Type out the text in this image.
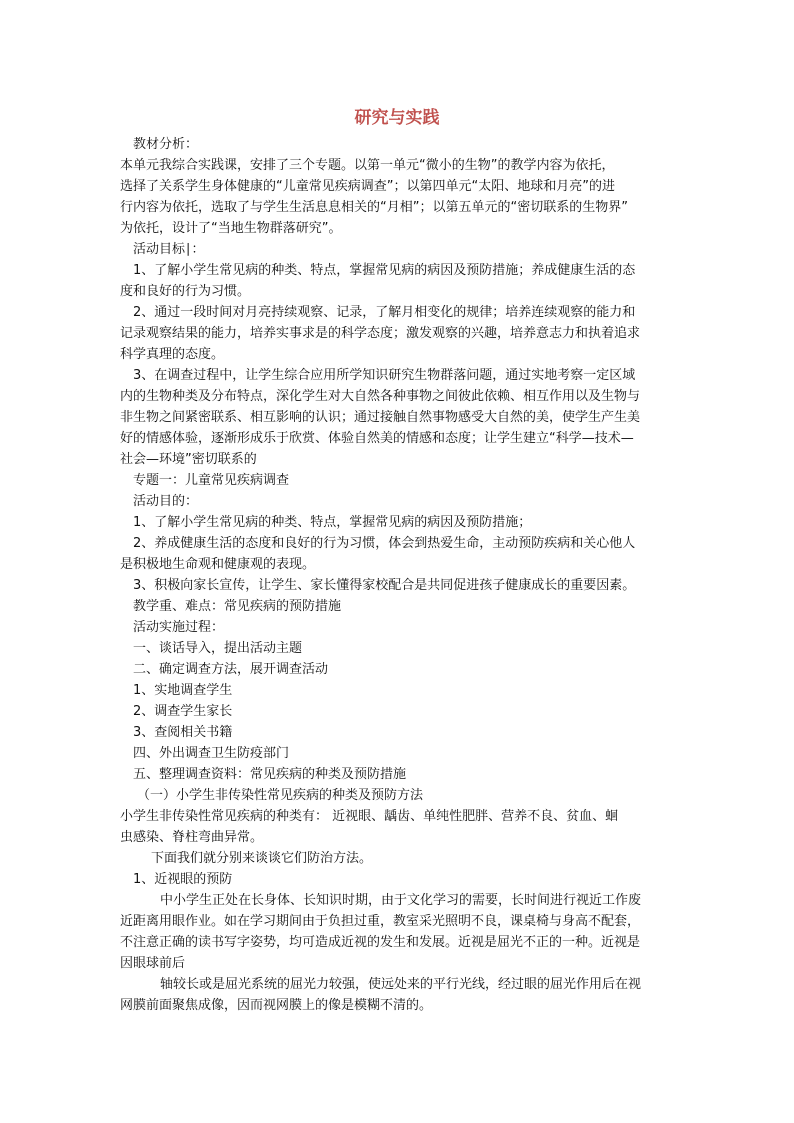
研究与实践
教材分析：
本单元我综合实践课，安排了三个专题。以第一单元“微小的生物”的教学内容为依托，
选择了关系学生身体健康的“儿童常见疾病调查”；以第四单元“太阳、地球和月亮”的进
行内容为依托，选取了与学生生活息息相关的“月相”；以第五单元的“密切联系的生物界”
为依托，设计了“当地生物群落研究”。
活动目标∣：
1、了解小学生常见病的种类、特点，掌握常见病的病因及预防措施；养成健康生活的态
度和良好的行为习惯。
2、通过一段时间对月亮持续观察、记录，了解月相变化的规律；培养连续观察的能力和
记录观察结果的能力，培养实事求是的科学态度；激发观察的兴趣，培养意志力和执着追求
科学真理的态度。
3、在调查过程中，让学生综合应用所学知识研究生物群落问题，通过实地考察一定区域
内的生物种类及分布特点，深化学生对大自然各种事物之间彼此依赖、相互作用以及生物与
非生物之间紧密联系、相互影响的认识；通过接触自然事物感受大自然的美，使学生产生美
好的情感体验，逐渐形成乐于欣赏、体验自然美的情感和态度；让学生建立“科学—技术—
社会—环境”密切联系的
专题一：儿童常见疾病调查
活动目的：
1、了解小学生常见病的种类、特点，掌握常见病的病因及预防措施；
2、养成健康生活的态度和良好的行为习惯，体会到热爱生命，主动预防疾病和关心他人
是积极地生命观和健康观的表现。
3、积极向家长宣传，让学生、家长懂得家校配合是共同促进孩子健康成长的重要因素。
教学重、难点：常见疾病的预防措施
活动实施过程：
一、谈话导入，提出活动主题
二、确定调查方法，展开调查活动
1、实地调查学生
2、调查学生家长
3、查阅相关书籍
四、外出调查卫生防疫部门
五、整理调查资料：常见疾病的种类及预防措施
（一）小学生非传染性常见疾病的种类及预防方法
小学生非传染性常见疾病的种类有： 近视眼、龋齿、单纯性肥胖、营养不良、贫血、蛔
虫感染、脊柱弯曲异常。
下面我们就分别来谈谈它们防治方法。
1、近视眼的预防
中小学生正处在长身体、长知识时期，由于文化学习的需要，长时间进行视近工作废
近距离用眼作业。如在学习期间由于负担过重，教室采光照明不良，课桌椅与身高不配套，
不注意正确的读书写字姿势，均可造成近视的发生和发展。近视是屈光不正的一种。近视是
因眼球前后
轴较长或是屈光系统的屈光力较强，使远处来的平行光线，经过眼的屈光作用后在视
网膜前面聚焦成像，因而视网膜上的像是模糊不清的。
